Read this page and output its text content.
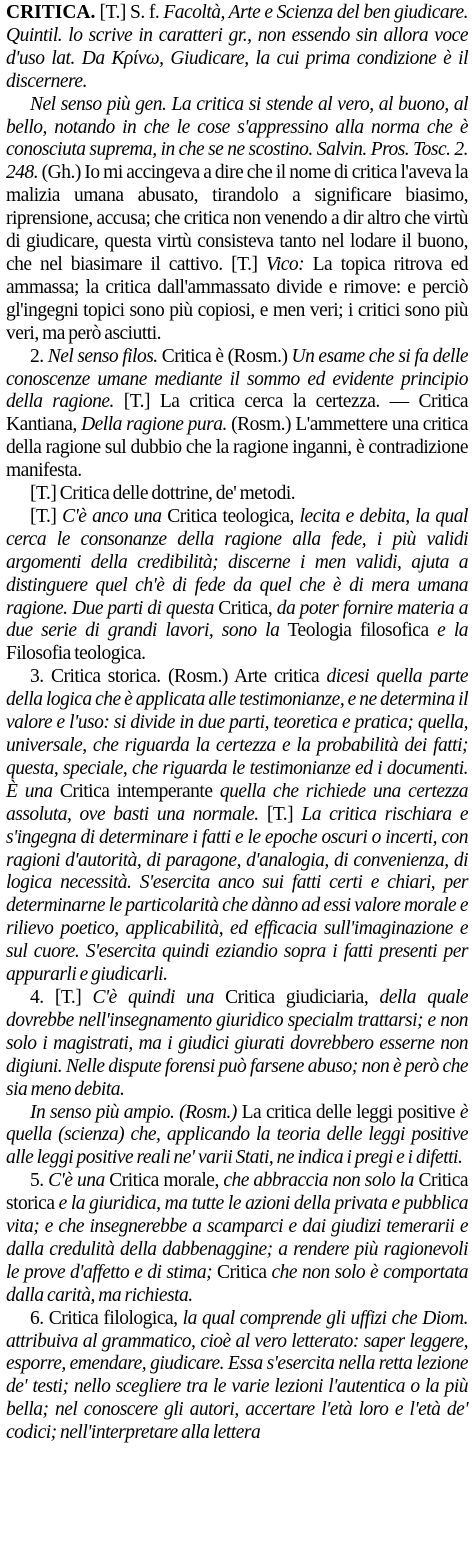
CRITICA. [T.] S. f. Facoltà, Arte e Scienza del ben giudicare. Quintil. lo scrive in caratteri gr., non essendo sin allora voce d'uso lat. Da Κρίνω, Giudicare, la cui prima condizione è il discernere.

Nel senso più gen. La critica si stende al vero, al buono, al bello, notando in che le cose s'appressino alla norma che è conosciuta suprema, in che se ne scostino. Salvin. Pros. Tosc. 2. 248. (Gh.) Io mi accingeva a dire che il nome di critica l'aveva la malizia umana abusato, tirandolo a significare biasimo, riprensione, accusa; che critica non venendo a dir altro che virtù di giudicare, questa virtù consisteva tanto nel lodare il buono, che nel biasimare il cattivo. [T.] Vico: La topica ritrova ed ammassa; la critica dall'ammassato divide e rimove: e perciò gl'ingegni topici sono più copiosi, e men veri; i critici sono più veri, ma però asciutti.

2. Nel senso filos. Critica è (Rosm.) Un esame che si fa delle conoscenze umane mediante il sommo ed evidente principio della ragione. [T.] La critica cerca la certezza. — Critica Kantiana, Della ragione pura. (Rosm.) L'ammettere una critica della ragione sul dubbio che la ragione inganni, è contradizione manifesta.

[T.] Critica delle dottrine, de' metodi.

[T.] C'è anco una Critica teologica, lecita e debita, la qual cerca le consonanze della ragione alla fede, i più validi argomenti della credibilità; discerne i men validi, ajuta a distinguere quel ch'è di fede da quel che è di mera umana ragione. Due parti di questa Critica, da poter fornire materia a due serie di grandi lavori, sono la Teologia filosofica e la Filosofia teologica.

3. Critica storica. (Rosm.) Arte critica dicesi quella parte della logica che è applicata alle testimonianze, e ne determina il valore e l'uso: si divide in due parti, teoretica e pratica; quella, universale, che riguarda la certezza e la probabilità dei fatti; questa, speciale, che riguarda le testimonianze ed i documenti. È una Critica intemperante quella che richiede una certezza assoluta, ove basti una normale. [T.] La critica rischiara e s'ingegna di determinare i fatti e le epoche oscuri o incerti, con ragioni d'autorità, di paragone, d'analogia, di convenienza, di logica necessità. S'esercita anco sui fatti certi e chiari, per determinarne le particolarità che dànno ad essi valore morale e rilievo poetico, applicabilità, ed efficacia sull'imaginazione e sul cuore. S'esercita quindi eziandio sopra i fatti presenti per appurarli e giudicarli.

4. [T.] C'è quindi una Critica giudiciaria, della quale dovrebbe nell'insegnamento giuridico specialm trattarsi; e non solo i magistrati, ma i giudici giurati dovrebbero esserne non digiuni. Nelle dispute forensi può farsene abuso; non è però che sia meno debita.

In senso più ampio. (Rosm.) La critica delle leggi positive è quella (scienza) che, applicando la teoria delle leggi positive alle leggi positive reali ne' varii Stati, ne indica i pregi e i difetti.

5. C'è una Critica morale, che abbraccia non solo la Critica storica e la giuridica, ma tutte le azioni della privata e pubblica vita; e che insegnerebbe a scamparci e dai giudizi temerarii e dalla credulità della dabbenaggine; a rendere più ragionevoli le prove d'affetto e di stima; Critica che non solo è comportata dalla carità, ma richiesta.

6. Critica filologica, la qual comprende gli uffizi che Diom. attribuiva al grammatico, cioè al vero letterato: saper leggere, esporre, emendare, giudicare. Essa s'esercita nella retta lezione de' testi; nello scegliere tra le varie lezioni l'autentica o la più bella; nel conoscere gli autori, accertare l'età loro e l'età de' codici; nell'interpretare alla lettera
